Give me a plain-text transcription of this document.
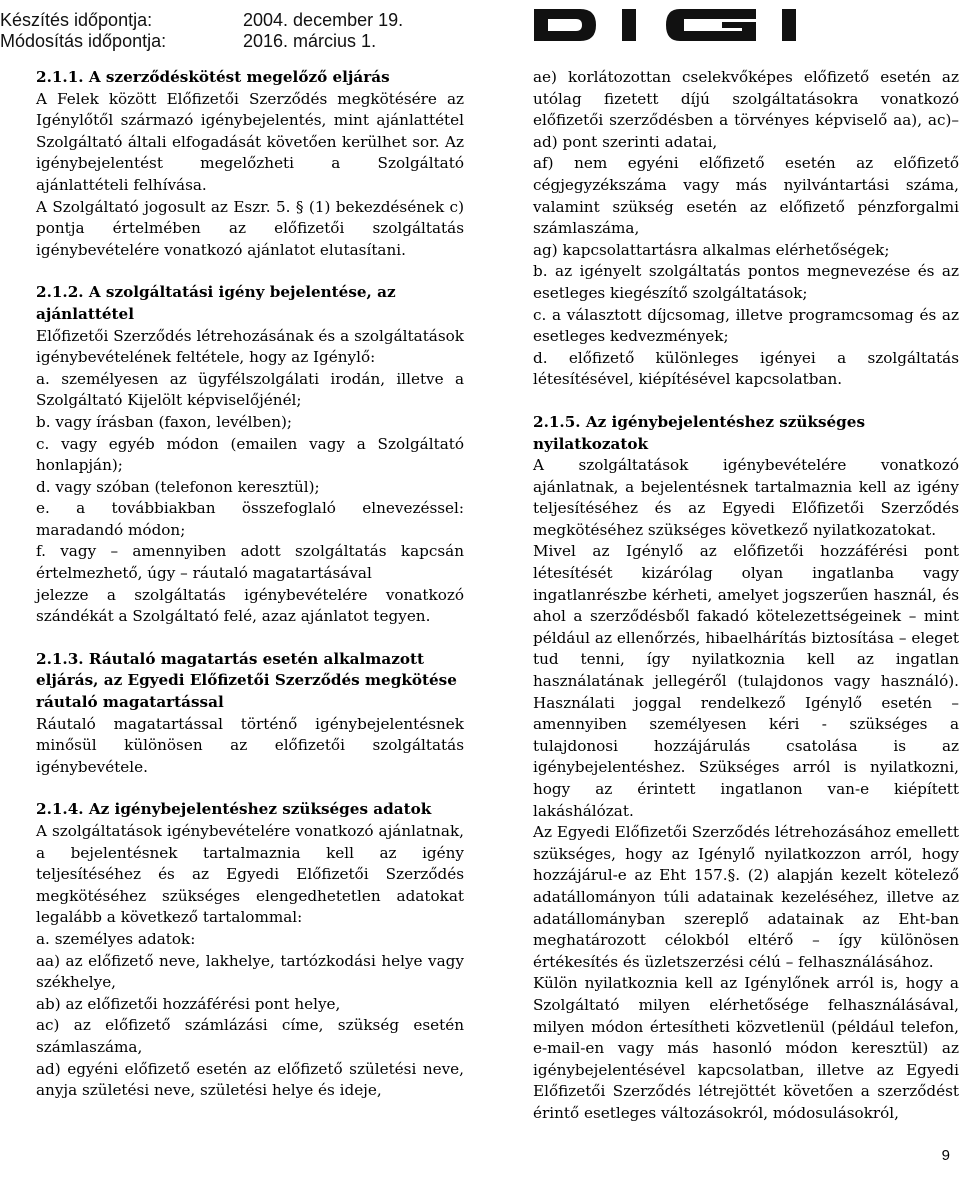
Készítés időpontja:	2004. december 19.
Módosítás időpontja:	2016. március 1.

2.1.1. A szerződéskötést megelőző eljárás

A Felek között Előfizetői Szerződés megkötésére az Igénylőtől származó igénybejelentés, mint ajánlattétel Szolgáltató általi elfogadását követően kerülhet sor. Az igénybejelentést megelőzheti a Szolgáltató ajánlattételi felhívása.

A Szolgáltató jogosult az Eszr. 5. § (1) bekezdésének c) pontja értelmében az előfizetői szolgáltatás igénybevételére vonatkozó ajánlatot elutasítani.

2.1.2. A szolgáltatási igény bejelentése, az ajánlattétel

Előfizetői Szerződés létrehozásának és a szolgáltatások igénybevételének feltétele, hogy az Igénylő:

a. személyesen az ügyfélszolgálati irodán, illetve a Szolgáltató Kijelölt képviselőjénél;

b. vagy írásban (faxon, levélben);

c. vagy egyéb módon (emailen vagy a Szolgáltató honlapján);

d. vagy szóban (telefonon keresztül);

e. a továbbiakban összefoglaló elnevezéssel: maradandó módon;

f. vagy – amennyiben adott szolgáltatás kapcsán értelmezhető, úgy – ráutaló magatartásával

jelezze a szolgáltatás igénybevételére vonatkozó szándékát a Szolgáltató felé, azaz ajánlatot tegyen.

2.1.3. Ráutaló magatartás esetén alkalmazott eljárás, az Egyedi Előfizetői Szerződés megkötése ráutaló magatartással

Ráutaló magatartással történő igénybejelentésnek minősül különösen az előfizetői szolgáltatás igénybevétele.

2.1.4. Az igénybejelentéshez szükséges adatok

A szolgáltatások igénybevételére vonatkozó ajánlatnak, a bejelentésnek tartalmaznia kell az igény teljesítéséhez és az Egyedi Előfizetői Szerződés megkötéséhez szükséges elengedhetetlen adatokat legalább a következő tartalommal:

a. személyes adatok:

aa) az előfizető neve, lakhelye, tartózkodási helye vagy székhelye,

ab) az előfizetői hozzáférési pont helye,

ac) az előfizető számlázási címe, szükség esetén számlaszáma,

ad) egyéni előfizető esetén az előfizető születési neve, anyja születési neve, születési helye és ideje,

ae) korlátozottan cselekvőképes előfizető esetén az utólag fizetett díjú szolgáltatásokra vonatkozó előfizetői szerződésben a törvényes képviselő aa), ac)–ad) pont szerinti adatai,

af) nem egyéni előfizető esetén az előfizető cégjegyzékszáma vagy más nyilvántartási száma, valamint szükség esetén az előfizető pénzforgalmi számlaszáma,

ag) kapcsolattartásra alkalmas elérhetőségek;

b. az igényelt szolgáltatás pontos megnevezése és az esetleges kiegészítő szolgáltatások;

c. a választott díjcsomag, illetve programcsomag és az esetleges kedvezmények;

d. előfizető különleges igényei a szolgáltatás létesítésével, kiépítésével kapcsolatban.

2.1.5. Az igénybejelentéshez szükséges nyilatkozatok

A szolgáltatások igénybevételére vonatkozó ajánlatnak, a bejelentésnek tartalmaznia kell az igény teljesítéséhez és az Egyedi Előfizetői Szerződés megkötéséhez szükséges következő nyilatkozatokat.

Mivel az Igénylő az előfizetői hozzáférési pont létesítését kizárólag olyan ingatlanba vagy ingatlanrészbe kérheti, amelyet jogszerűen használ, és ahol a szerződésből fakadó kötelezettségeinek – mint például az ellenőrzés, hibaelhárítás biztosítása – eleget tud tenni, így nyilatkoznia kell az ingatlan használatának jellegéről (tulajdonos vagy használó). Használati joggal rendelkező Igénylő esetén – amennyiben személyesen kéri - szükséges a tulajdonosi hozzájárulás csatolása is az igénybejelentéshez. Szükséges arról is nyilatkozni, hogy az érintett ingatlanon van-e kiépített lakáshálózat.

Az Egyedi Előfizetői Szerződés létrehozásához emellett szükséges, hogy az Igénylő nyilatkozzon arról, hogy hozzájárul-e az Eht 157.§. (2) alapján kezelt kötelező adatállományon túli adatainak kezeléséhez, illetve az adatállományban szereplő adatainak az Eht-ban meghatározott célokból eltérő – így különösen értékesítés és üzletszerzési célú – felhasználásához.

Külön nyilatkoznia kell az Igénylőnek arról is, hogy a Szolgáltató milyen elérhetősége felhasználásával, milyen módon értesítheti közvetlenül (például telefon, e-mail-en vagy más hasonló módon keresztül) az igénybejelentésével kapcsolatban, illetve az Egyedi Előfizetői Szerződés létrejöttét követően a szerződést érintő esetleges változásokról, módosulásokról,

9
